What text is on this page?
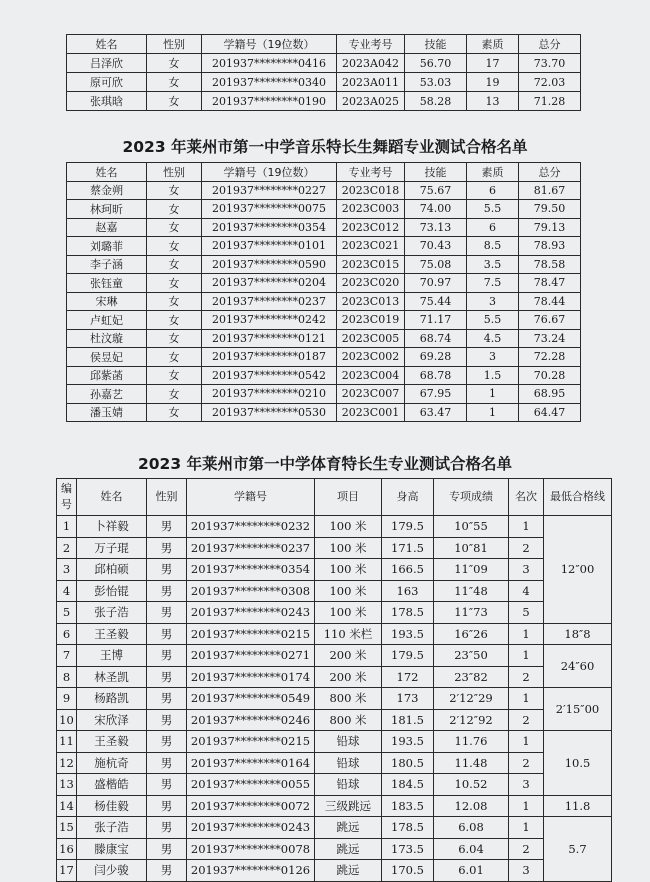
姓名	性别	学籍号（19位数）	专业考号	技能	素质	总分
吕泽欣	女	201937********0416	2023A042	56.70	17	73.70
原可欣	女	201937********0340	2023A011	53.03	19	72.03
张琪晗	女	201937********0190	2023A025	58.28	13	71.28
2023 年莱州市第一中学音乐特长生舞蹈专业测试合格名单
姓名	性别	学籍号（19位数）	专业考号	技能	素质	总分
蔡金朔	女	201937********0227	2023C018	75.67	6	81.67
林珂昕	女	201937********0075	2023C003	74.00	5.5	79.50
赵嘉	女	201937********0354	2023C012	73.13	6	79.13
刘璐菲	女	201937********0101	2023C021	70.43	8.5	78.93
李子涵	女	201937********0590	2023C015	75.08	3.5	78.58
张钰童	女	201937********0204	2023C020	70.97	7.5	78.47
宋琳	女	201937********0237	2023C013	75.44	3	78.44
卢虹妃	女	201937********0242	2023C019	71.17	5.5	76.67
杜汶璇	女	201937********0121	2023C005	68.74	4.5	73.24
侯昱妃	女	201937********0187	2023C002	69.28	3	72.28
邱紫菡	女	201937********0542	2023C004	68.78	1.5	70.28
孙嘉艺	女	201937********0210	2023C007	67.95	1	68.95
潘玉婧	女	201937********0530	2023C001	63.47	1	64.47
2023 年莱州市第一中学体育特长生专业测试合格名单
编号	姓名	性别	学籍号	项目	身高	专项成绩	名次	最低合格线
1	卜祥毅	男	201937********0232	100 米	179.5	10″55	1	12″00
2	万子琨	男	201937********0237	100 米	171.5	10″81	2	
3	邱柏硕	男	201937********0354	100 米	166.5	11″09	3	
4	彭怡锟	男	201937********0308	100 米	163	11″48	4	
5	张子浩	男	201937********0243	100 米	178.5	11″73	5	
6	王圣毅	男	201937********0215	110 米栏	193.5	16″26	1	18″8
7	王博	男	201937********0271	200 米	179.5	23″50	1	24″60
8	林圣凯	男	201937********0174	200 米	172	23″82	2	
9	杨路凯	男	201937********0549	800 米	173	2′12″29	1	2′15″00
10	宋欣泽	男	201937********0246	800 米	181.5	2′12″92	2	
11	王圣毅	男	201937********0215	铅球	193.5	11.76	1	10.5
12	施杭奇	男	201937********0164	铅球	180.5	11.48	2	
13	盛楷皓	男	201937********0055	铅球	184.5	10.52	3	
14	杨佳毅	男	201937********0072	三级跳远	183.5	12.08	1	11.8
15	张子浩	男	201937********0243	跳远	178.5	6.08	1	5.7
16	滕康宝	男	201937********0078	跳远	173.5	6.04	2	
17	闫少骏	男	201937********0126	跳远	170.5	6.01	3	
